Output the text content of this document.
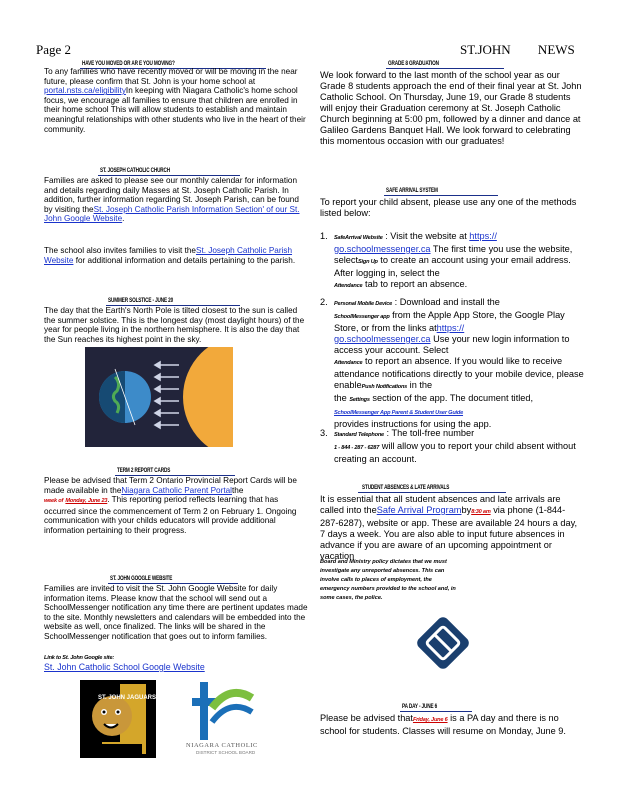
Page 2	ST.JOHN NEWS
HAVE YOU MOVED OR AR E YOU MOVING?
To any families who have recently moved or will be moving in the near future, please confirm that St. John is your home school at portal.nsts.ca/eligibilityIn keeping with Niagara Catholic's home school focus, we encourage all families to ensure that children are enrolled in their home school This will allow students to establish and maintain meaningful relationships with other students who live in the heart of their community.
ST. JOSEPH CATHOLIC CHURCH
Families are asked to please see our monthly calendar for information and details regarding daily Masses at St. Joseph Catholic Parish. In addition, further information regarding St. Joseph Parish, can be found by visiting theSt. Joseph Catholic Parish Information Section' of our St. John Google Website.
The school also invites families to visit theSt. Joseph Catholic Parish Website for additional information and details pertaining to the parish.
SUMMER SOLSTICE - JUNE 20
The day that the Earth's North Pole is tilted closest to the sun is called the summer solstice. This is the longest day (most daylight hours) of the year for people living in the northern hemisphere. It is also the day that the Sun reaches its highest point in the sky.
TERM 2 REPORT CARDS
Please be advised that Term 2 Ontario Provincial Report Cards will be made available in theNiagara Catholic Parent Portalthe
week of Monday, June 23. This reporting period reflects learning that has occurred since the commencement of Term 2 on February 1. Ongoing communication with your childs educators will provide additional information pertaining to their progress.
ST. JOHN GOOGLE WEBSITE
Families are invited to visit the St. John Google Website for daily information items. Please know that the school will send out a SchoolMessenger notification any time there are pertinent updates made to the site. Monthly newsletters and calendars will be embedded into the website as well, once finalized. The links will be shared in the SchoolMessenger notification that goes out to inform families.
Link to St. John Google site:
St. John Catholic School Google Website
ST. JOHN JAGUARS
NIAGARA CATHOLIC
DISTRICT SCHOOL BOARD
GRADE 8 GRADUATION
We look forward to the last month of the school year as our Grade 8 students approach the end of their final year at St. John Catholic School. On Thursday, June 19, our Grade 8 students will enjoy their Graduation ceremony at St. Joseph Catholic Church beginning at 5:00 pm, followed by a dinner and dance at Galileo Gardens Banquet Hall. We look forward to celebrating this momentous occasion with our graduates!
SAFE ARRIVAL SYSTEM
To report your child absent, please use any one of the methods listed below:
1. SafeArrival Website : Visit the website at https://
go.schoolmessenger.ca The first time you use the website, selectSign Up to create an account using your email address. After logging in, select the
Attendance tab to report an absence.
2. Personal Mobile Device : Download and install the
SchoolMessenger app from the Apple App Store, the Google Play Store, or from the links athttps://
go.schoolmessenger.ca Use your new login information to access your account. Select
Attendance to report an absence. If you would like to receive attendance notifications directly to your mobile device, please enablePush Notifications in the
the Settings section of the app. The document titled,
SchoolMessenger App Parent & Student User Guide
provides instructions for using the app.
3. Standard Telephone : The toll-free number
1 - 844 - 287 - 6287 will allow you to report your child absent without creating an account.
STUDENT ABSENCES & LATE ARRIVALS
It is essential that all student absences and late arrivals are called into theSafe Arrival Programby8:30 am via phone (1-844-287-6287), website or app. These are available 24 hours a day, 7 days a week. You are also able to input future absences in advance if you are aware of an upcoming appointment or vacation
Board and Ministry policy dictates that we must investigate any unreported absences. This can involve calls to places of employment, the emergency numbers provided to the school and, in some cases, the police.
PA DAY - JUNE 6
Please be advised thatFriday, June 6 is a PA day and there is no school for students. Classes will resume on Monday, June 9.
